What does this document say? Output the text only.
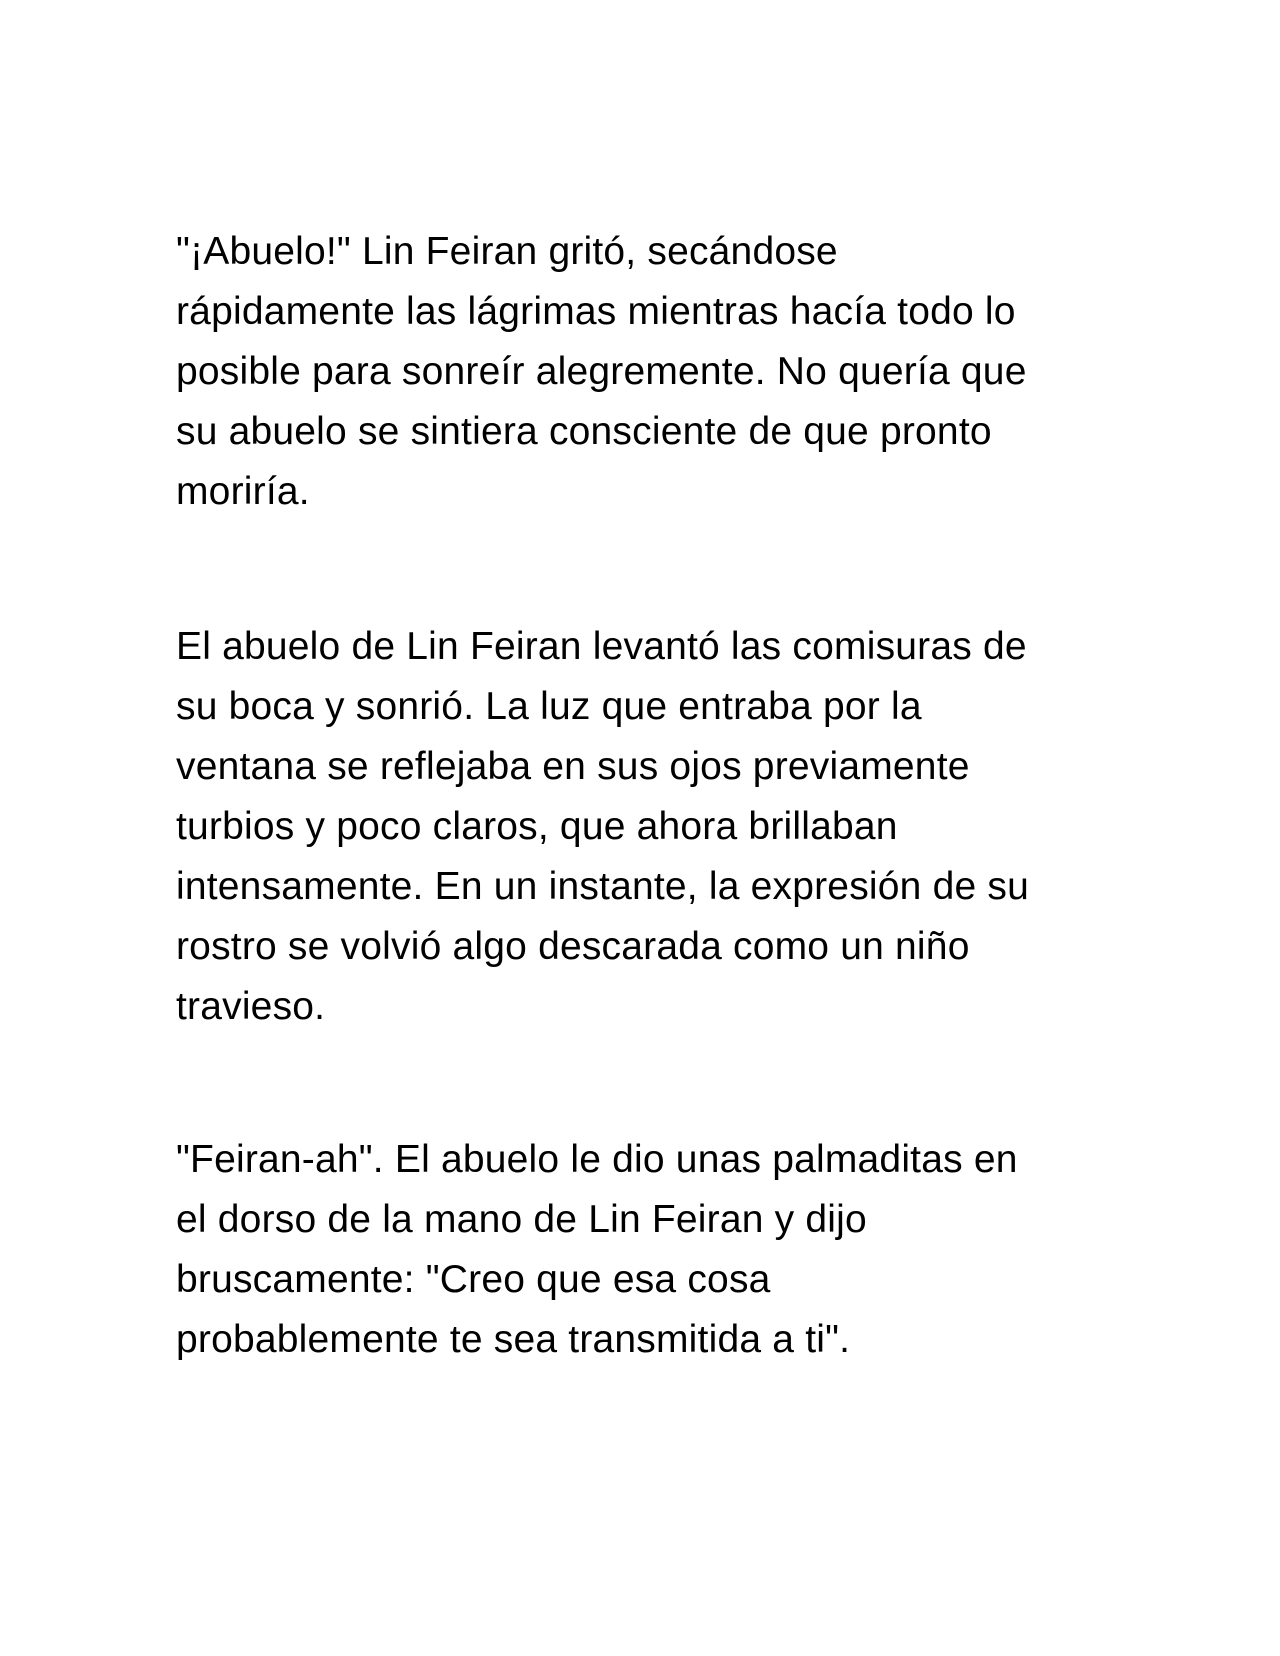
"¡Abuelo!" Lin Feiran gritó, secándose
rápidamente las lágrimas mientras hacía todo lo
posible para sonreír alegremente. No quería que
su abuelo se sintiera consciente de que pronto
moriría.
El abuelo de Lin Feiran levantó las comisuras de
su boca y sonrió. La luz que entraba por la
ventana se reflejaba en sus ojos previamente
turbios y poco claros, que ahora brillaban
intensamente. En un instante, la expresión de su
rostro se volvió algo descarada como un niño
travieso.
"Feiran-ah". El abuelo le dio unas palmaditas en
el dorso de la mano de Lin Feiran y dijo
bruscamente: "Creo que esa cosa
probablemente te sea transmitida a ti".
